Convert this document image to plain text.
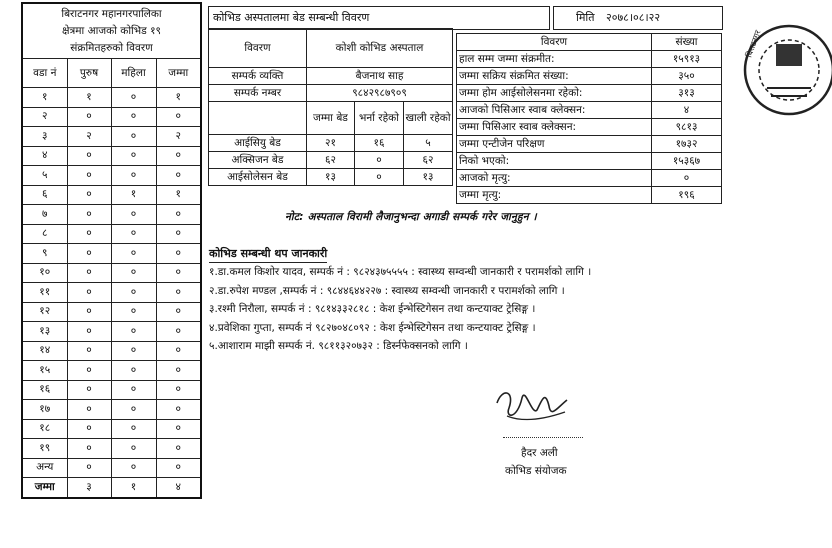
बिराटनगर महानगरपालिका
क्षेत्रमा आजको कोभिड १९
संक्रमितहरुको विवरण			

वडा नं	पुरुष	महिला	जम्मा
१	१	०	१
२	०	०	०
३	२	०	२
४	०	०	०
५	०	०	०
६	०	१	१
७	०	०	०
८	०	०	०
९	०	०	०
१०	०	०	०
११	०	०	०
१२	०	०	०
१३	०	०	०
१४	०	०	०
१५	०	०	०
१६	०	०	०
१७	०	०	०
१८	०	०	०
१९	०	०	०
अन्य	०	०	०
जम्मा	३	१	४
कोभिड अस्पतालमा बेड सम्बन्धी विवरण	मिति २०७८।०८।२२
विवरण	कोशी कोभिड अस्पताल		
सम्पर्क व्यक्ति	बैजनाथ साह		
सम्पर्क नम्बर	९८४२९८७९०९		
	जम्मा बेड	भर्ना रहेको	खाली रहेको
आईसियु बेड	२१	१६	५
अक्सिजन बेड	६२	०	६२
आईसोलेसन बेड	१३	०	१३
विवरण	संख्या
हाल सम्म जम्मा संक्रमीत:	१५९१३
जम्मा सक्रिय संक्रमित संख्या:	३५०
जम्मा होम आईसोलेसनमा रहेको:	३१३
आजको पिसिआर स्वाब क्लेक्सन:	४
जम्मा पिसिआर स्वाब क्लेक्सन:	९८१३
जम्मा एन्टीजेन परिक्षण	१७३२
निको भएको:	१५३६७
आजको मृत्यु:	०
जम्मा मृत्यु:	१९६
नोट: अस्पताल विरामी लैजानुभन्दा अगाडी सम्पर्क गरेर जानुहुन ।
कोभिड सम्बन्धी थप जानकारी
१.डा.कमल किशोर यादव, सम्पर्क नं : ९८२४३७५५५५ : स्वास्थ्य सम्वन्धी जानकारी र परामर्शको लागि ।
२.डा.रुपेश मण्डल ,सम्पर्क नं : ९८४४६४४२२७ : स्वास्थ्य सम्वन्धी जानकारी र परामर्शको लागि ।
३.रश्मी निरौला, सम्पर्क नं : ९८१४३३२८१८ : केश ईन्भेस्टिगेसन तथा कन्टयाक्ट ट्रेसिङ्ग ।
४.प्रवेशिका गुप्ता, सम्पर्क नं ९८२७०४८०९२ : केश ईन्भेस्टिगेसन तथा कन्टयाक्ट ट्रेसिङ्ग ।
५.आशाराम माझी सम्पर्क नं. ९८११३२०७३२ : डिर्स्नफेक्सनको लागि ।
हैदर अली
कोभिड संयोजक
बिराटनगर
